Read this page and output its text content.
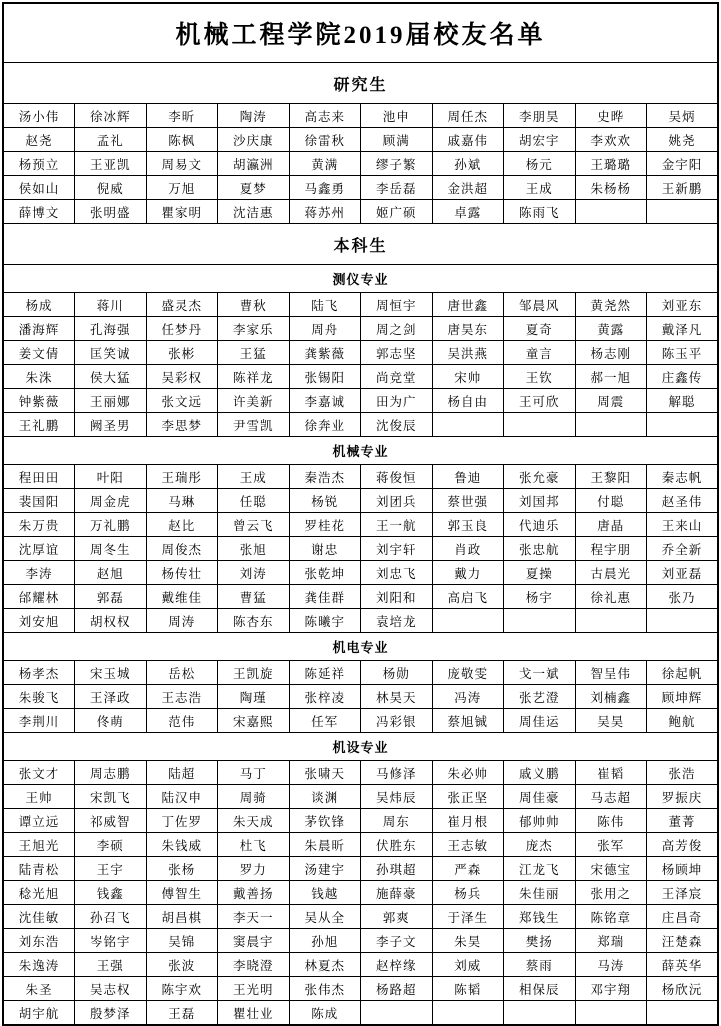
机械工程学院2019届校友名单									
研究生									
汤小伟	徐冰辉	李昕	陶涛	高志来	池申	周任杰	李朋昊	史晔	吴炳
赵尧	孟礼	陈枫	沙庆康	徐雷秋	顾满	戚嘉伟	胡宏宇	李欢欢	姚尧
杨预立	王亚凯	周易文	胡瀛洲	黄满	缪子繁	孙斌	杨元	王璐璐	金宇阳
侯如山	倪威	万旭	夏梦	马鑫勇	李岳磊	金洪超	王成	朱杨杨	王新鹏
薛博文	张明盛	瞿家明	沈洁惠	蒋苏州	姬广硕	卓露	陈雨飞		
本科生									
测仪专业									
杨成	蒋川	盛灵杰	曹秋	陆飞	周恒宇	唐世鑫	邹晨风	黄尧然	刘亚东
潘海辉	孔海强	任梦丹	李家乐	周舟	周之剑	唐昊东	夏奇	黄露	戴泽凡
姜文倩	匡笑诚	张彬	王猛	龚紫薇	郭志坚	吴洪燕	童言	杨志刚	陈玉平
朱洙	侯大猛	吴彩权	陈祥龙	张锡阳	尚竞堂	宋帅	王钦	郝一旭	庄鑫传
钟紫薇	王丽娜	张文远	许美新	李嘉诚	田为广	杨自由	王可欣	周震	解聪
王礼鹏	阙圣男	李思梦	尹雪凯	徐奔业	沈俊辰				
机械专业									
程田田	叶阳	王瑞彤	王成	秦浩杰	蒋俊恒	鲁迪	张允豪	王黎阳	秦志帆
裴国阳	周金虎	马琳	任聪	杨锐	刘团兵	蔡世强	刘国邦	付聪	赵圣伟
朱万贵	万礼鹏	赵比	曾云飞	罗桂花	王一航	郭玉良	代迪乐	唐晶	王来山
沈厚谊	周冬生	周俊杰	张旭	谢忠	刘宇轩	肖政	张忠航	程宇朋	乔全新
李涛	赵旭	杨传壮	刘涛	张乾坤	刘忠飞	戴力	夏操	古晨光	刘亚磊
邰耀林	郭磊	戴维佳	曹猛	龚佳群	刘阳和	高启飞	杨宇	徐礼惠	张乃
刘安旭	胡权权	周涛	陈杏东	陈曦宇	袁培龙				
机电专业									
杨孝杰	宋玉城	岳松	王凯旋	陈延祥	杨勋	庞敬雯	戈一斌	智呈伟	徐起帆
朱骏飞	王泽政	王志浩	陶瑾	张梓凌	林昊天	冯涛	张艺澄	刘楠鑫	顾坤辉
李荆川	佟萌	范伟	宋嘉熙	任军	冯彩银	蔡旭铖	周佳运	吴昊	鲍航
机设专业									
张文才	周志鹏	陆超	马丁	张啸天	马修泽	朱必帅	戚义鹏	崔韬	张浩
王帅	宋凯飞	陆汉申	周骑	谈渊	吴炜辰	张正坚	周佳豪	马志超	罗振庆
谭立远	祁威智	丁佐罗	朱天成	茅钦锋	周东	崔月根	郁帅帅	陈伟	董菁
王旭光	李硕	朱钱威	杜飞	朱晨昕	伏胜东	王志敏	庞杰	张军	高芳俊
陆青松	王宇	张杨	罗力	汤建宇	孙琪超	严森	江龙飞	宋德宝	杨顾坤
稔光旭	钱鑫	傅智生	戴善扬	钱越	施薛豪	杨兵	朱佳丽	张用之	王泽宸
沈佳敏	孙召飞	胡昌棋	李天一	吴从全	郭爽	于泽生	郑钱生	陈铭章	庄昌奇
刘东浩	岑铭宇	吴锦	窦晨宇	孙旭	李子文	朱昊	樊扬	郑瑞	汪楚森
朱逸涛	王强	张波	李晓澄	林夏杰	赵梓缘	刘威	蔡雨	马涛	薛英华
朱圣	吴志权	陈宇欢	王光明	张伟杰	杨路超	陈韬	相保辰	邓宇翔	杨欣沅
胡宇航	殷梦泽	王磊	瞿壮业	陈成					
